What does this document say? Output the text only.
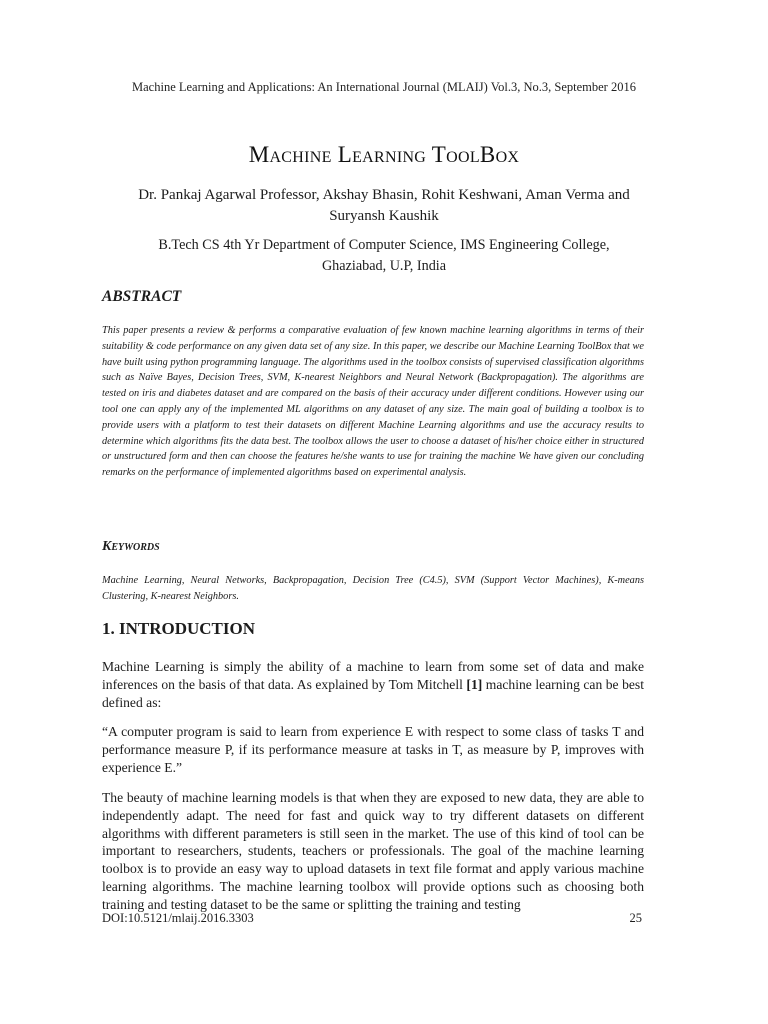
Machine Learning and Applications: An International Journal (MLAIJ) Vol.3, No.3, September 2016
Machine Learning ToolBox
Dr. Pankaj Agarwal Professor, Akshay Bhasin, Rohit Keshwani, Aman Verma and
Suryansh Kaushik
B.Tech CS 4th Yr Department of Computer Science, IMS Engineering College,
Ghaziabad, U.P, India
ABSTRACT
This paper presents a review & performs a comparative evaluation of few known machine learning algorithms in terms of their suitability & code performance on any given data set of any size. In this paper, we describe our Machine Learning ToolBox that we have built using python programming language. The algorithms used in the toolbox consists of supervised classification algorithms such as Naïve Bayes, Decision Trees, SVM, K-nearest Neighbors and Neural Network (Backpropagation). The algorithms are tested on iris and diabetes dataset and are compared on the basis of their accuracy under different conditions. However using our tool one can apply any of the implemented ML algorithms on any dataset of any size. The main goal of building a toolbox is to provide users with a platform to test their datasets on different Machine Learning algorithms and use the accuracy results to determine which algorithms fits the data best. The toolbox allows the user to choose a dataset of his/her choice either in structured or unstructured form and then can choose the features he/she wants to use for training the machine We have given our concluding remarks on the performance of implemented algorithms based on experimental analysis.
Keywords
Machine Learning, Neural Networks, Backpropagation, Decision Tree (C4.5), SVM (Support Vector Machines), K-means Clustering, K-nearest Neighbors.
1. INTRODUCTION
Machine Learning is simply the ability of a machine to learn from some set of data and make inferences on the basis of that data. As explained by Tom Mitchell [1] machine learning can be best defined as:
“A computer program is said to learn from experience E with respect to some class of tasks T and performance measure P, if its performance measure at tasks in T, as measure by P, improves with experience E.”
The beauty of machine learning models is that when they are exposed to new data, they are able to independently adapt. The need for fast and quick way to try different datasets on different algorithms with different parameters is still seen in the market. The use of this kind of tool can be important to researchers, students, teachers or professionals. The goal of the machine learning toolbox is to provide an easy way to upload datasets in text file format and apply various machine learning algorithms. The machine learning toolbox will provide options such as choosing both training and testing dataset to be the same or splitting the training and testing
DOI:10.5121/mlaij.2016.3303	25
